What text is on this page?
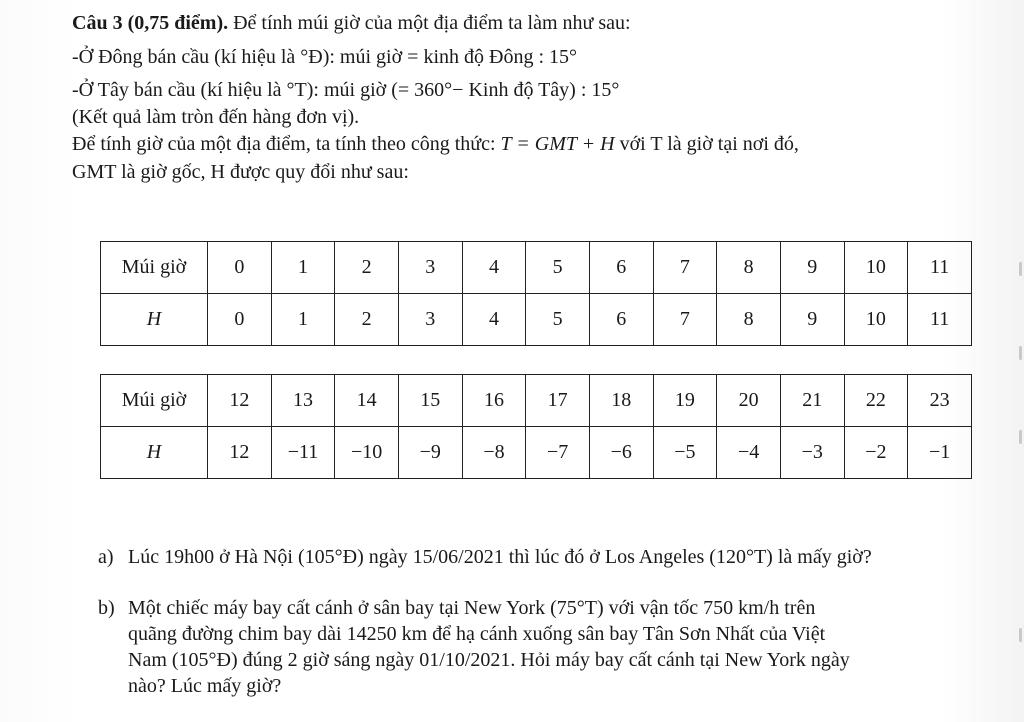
Câu 3 (0,75 điểm). Để tính múi giờ của một địa điểm ta làm như sau:
-Ở Đông bán cầu (kí hiệu là °Đ): múi giờ = kinh độ Đông : 15°
-Ở Tây bán cầu (kí hiệu là °T): múi giờ (= 360°− Kinh độ Tây) : 15°
(Kết quả làm tròn đến hàng đơn vị).
Để tính giờ của một địa điểm, ta tính theo công thức: T = GMT + H với T là giờ tại nơi đó,
GMT là giờ gốc, H được quy đổi như sau:
Múi giờ	0	1	2	3	4	5	6	7	8	9	10	11
H	0	1	2	3	4	5	6	7	8	9	10	11
Múi giờ	12	13	14	15	16	17	18	19	20	21	22	23
H	12	−11	−10	−9	−8	−7	−6	−5	−4	−3	−2	−1
a) Lúc 19h00 ở Hà Nội (105°Đ) ngày 15/06/2021 thì lúc đó ở Los Angeles (120°T) là mấy giờ?
b) Một chiếc máy bay cất cánh ở sân bay tại New York (75°T) với vận tốc 750 km/h trên
quãng đường chim bay dài 14250 km để hạ cánh xuống sân bay Tân Sơn Nhất của Việt
Nam (105°Đ) đúng 2 giờ sáng ngày 01/10/2021. Hỏi máy bay cất cánh tại New York ngày
nào? Lúc mấy giờ?
